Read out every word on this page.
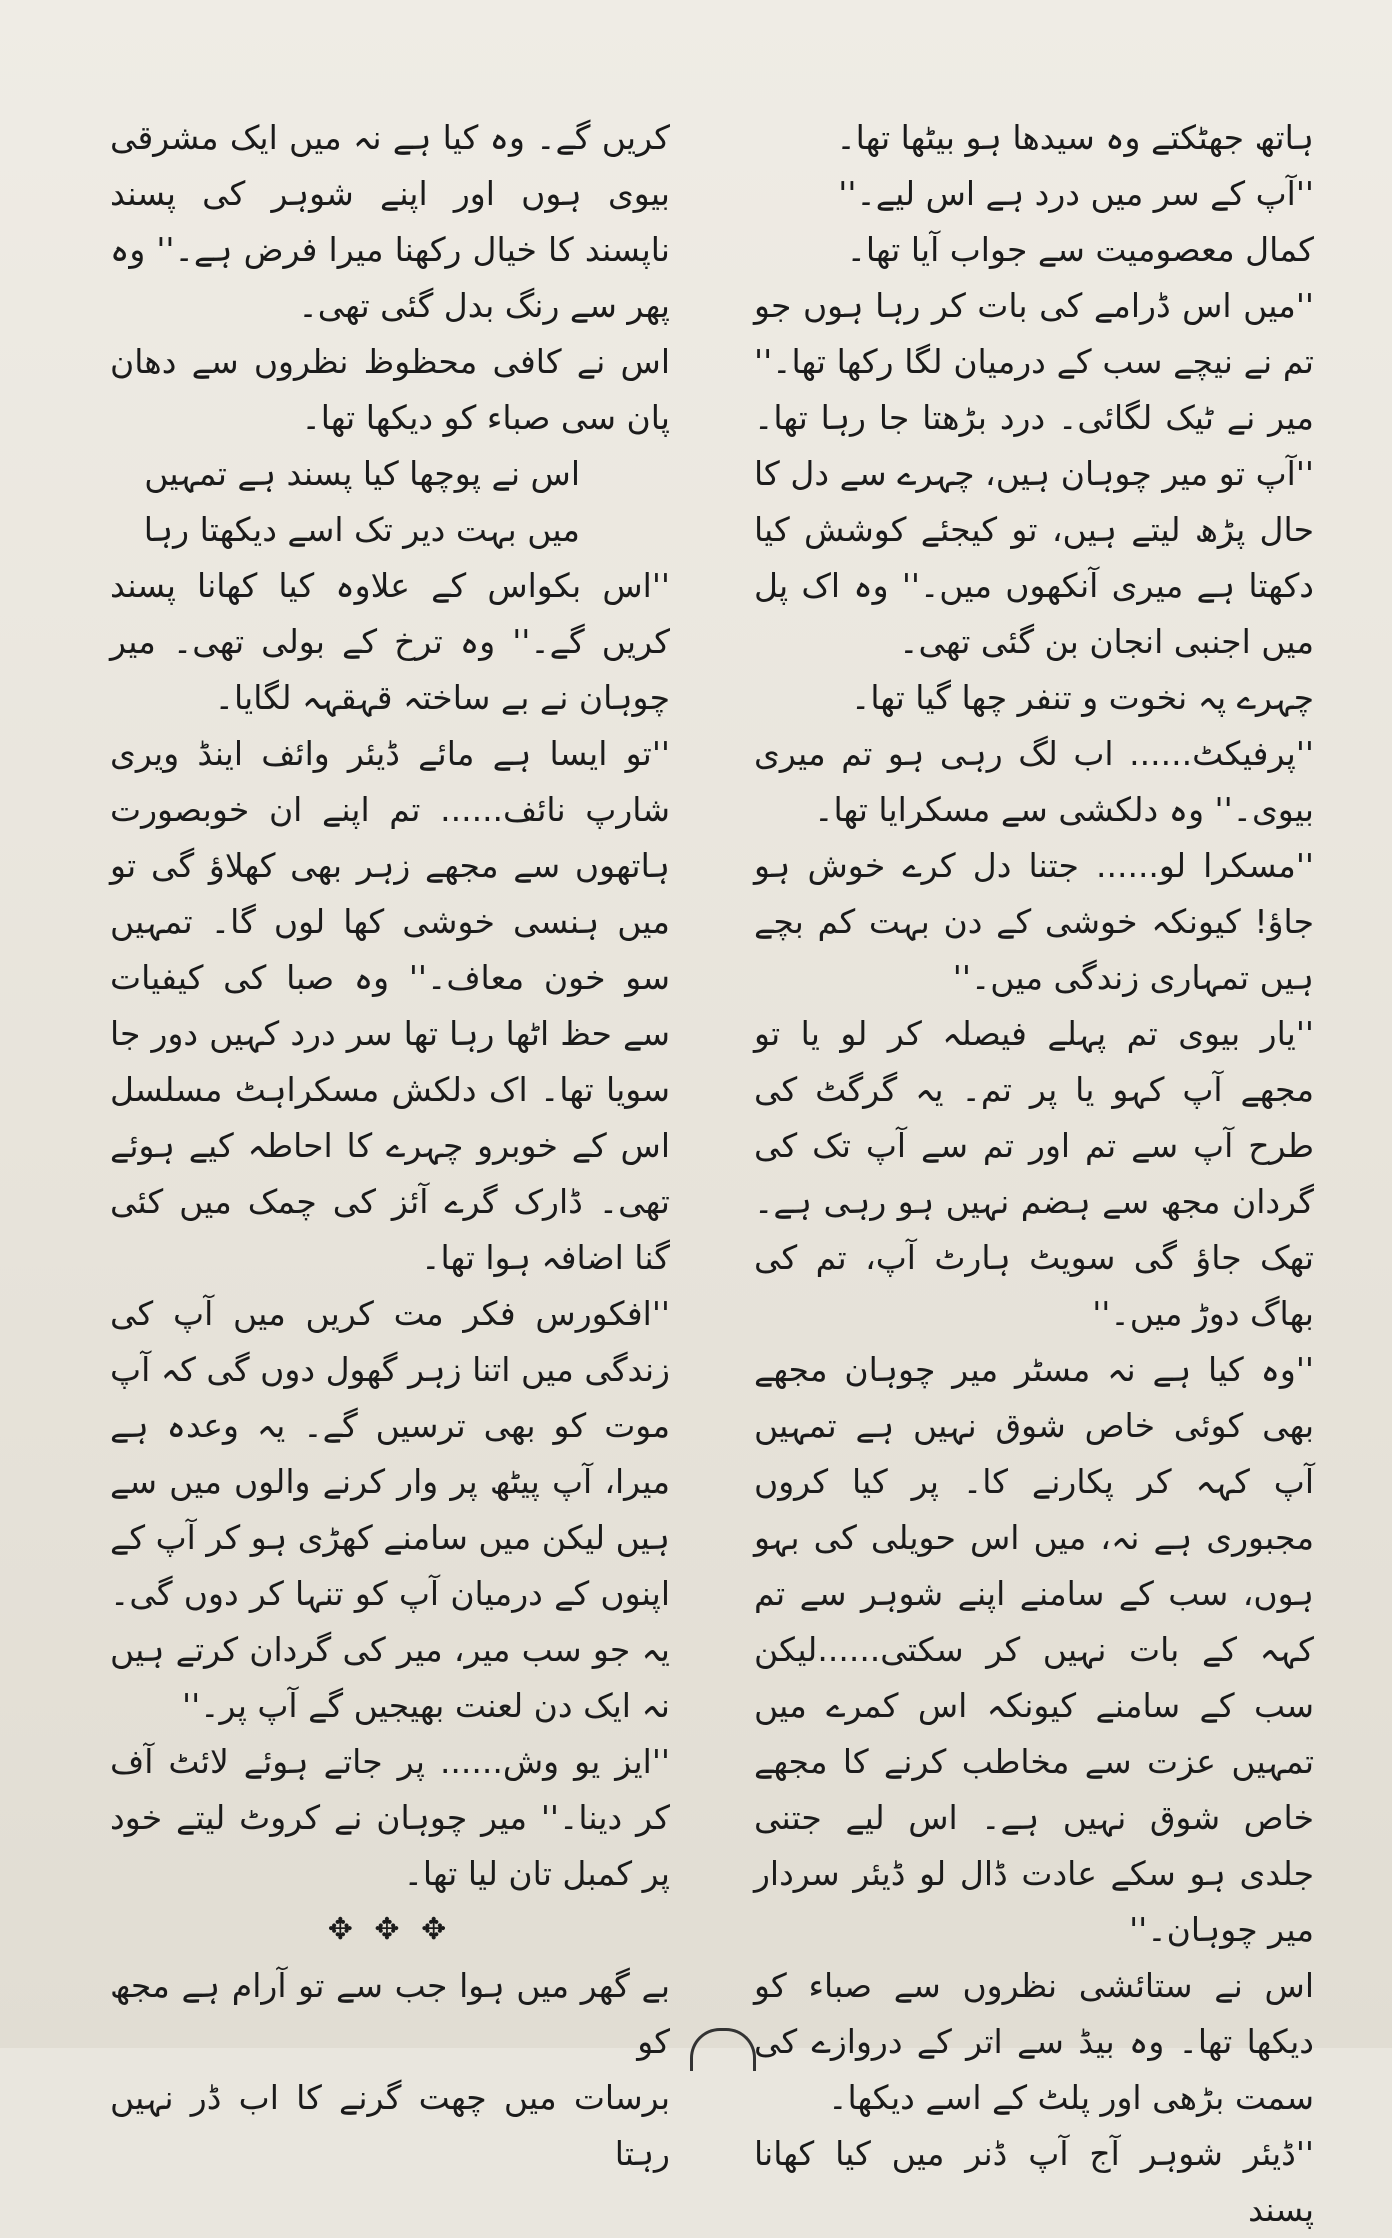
ہاتھ جھٹکتے وہ سیدھا ہو بیٹھا تھا۔

''آپ کے سر میں درد ہے اس لیے۔''

کمال معصومیت سے جواب آیا تھا۔

''میں اس ڈرامے کی بات کر رہا ہوں جو تم نے نیچے سب کے درمیان لگا رکھا تھا۔'' میر نے ٹیک لگائی۔ درد بڑھتا جا رہا تھا۔ ''آپ تو میر چوہان ہیں، چہرے سے دل کا حال پڑھ لیتے ہیں، تو کیجئے کوشش کیا دکھتا ہے میری آنکھوں میں۔'' وہ اک پل میں اجنبی انجان بن گئی تھی۔

چہرے پہ نخوت و تنفر چھا گیا تھا۔

''پرفیکٹ...... اب لگ رہی ہو تم میری بیوی۔'' وہ دلکشی سے مسکرایا تھا۔

''مسکرا لو...... جتنا دل کرے خوش ہو جاؤ! کیونکہ خوشی کے دن بہت کم بچے ہیں تمہاری زندگی میں۔''

''یار بیوی تم پہلے فیصلہ کر لو یا تو مجھے آپ کہو یا پر تم۔ یہ گرگٹ کی طرح آپ سے تم اور تم سے آپ تک کی گردان مجھ سے ہضم نہیں ہو رہی ہے۔ تھک جاؤ گی سویٹ ہارٹ آپ، تم کی بھاگ دوڑ میں۔''

''وہ کیا ہے نہ مسٹر میر چوہان مجھے بھی کوئی خاص شوق نہیں ہے تمہیں آپ کہہ کر پکارنے کا۔ پر کیا کروں مجبوری ہے نہ، میں اس حویلی کی بہو ہوں، سب کے سامنے اپنے شوہر سے تم کہہ کے بات نہیں کر سکتی......لیکن سب کے سامنے کیونکہ اس کمرے میں تمہیں عزت سے مخاطب کرنے کا مجھے خاص شوق نہیں ہے۔ اس لیے جتنی جلدی ہو سکے عادت ڈال لو ڈیئر سردار میر چوہان۔''

اس نے ستائشی نظروں سے صباء کو دیکھا تھا۔ وہ بیڈ سے اتر کے دروازے کی سمت بڑھی اور پلٹ کے اسے دیکھا۔

''ڈیئر شوہر آج آپ ڈنر میں کیا کھانا پسند

کریں گے۔ وہ کیا ہے نہ میں ایک مشرقی بیوی ہوں اور اپنے شوہر کی پسند ناپسند کا خیال رکھنا میرا فرض ہے۔'' وہ پھر سے رنگ بدل گئی تھی۔

اس نے کافی محظوظ نظروں سے دھان پان سی صباء کو دیکھا تھا۔

اس نے پوچھا کیا پسند ہے تمہیں

میں بہت دیر تک اسے دیکھتا رہا

''اس بکواس کے علاوہ کیا کھانا پسند کریں گے۔'' وہ ترخ کے بولی تھی۔ میر چوہان نے بے ساختہ قہقہہ لگایا۔

''تو ایسا ہے مائے ڈیئر وائف اینڈ ویری شارپ نائف...... تم اپنے ان خوبصورت ہاتھوں سے مجھے زہر بھی کھلاؤ گی تو میں ہنسی خوشی کھا لوں گا۔ تمہیں سو خون معاف۔'' وہ صبا کی کیفیات سے حظ اٹھا رہا تھا سر درد کہیں دور جا سویا تھا۔ اک دلکش مسکراہٹ مسلسل اس کے خوبرو چہرے کا احاطہ کیے ہوئے تھی۔ ڈارک گرے آئز کی چمک میں کئی گنا اضافہ ہوا تھا۔

''افکورس فکر مت کریں میں آپ کی زندگی میں اتنا زہر گھول دوں گی کہ آپ موت کو بھی ترسیں گے۔ یہ وعدہ ہے میرا، آپ پیٹھ پر وار کرنے والوں میں سے ہیں لیکن میں سامنے کھڑی ہو کر آپ کے اپنوں کے درمیان آپ کو تنہا کر دوں گی۔ یہ جو سب میر، میر کی گردان کرتے ہیں نہ ایک دن لعنت بھیجیں گے آپ پر۔''

''ایز یو وش...... پر جاتے ہوئے لائٹ آف کر دینا۔'' میر چوہان نے کروٹ لیتے خود پر کمبل تان لیا تھا۔

✥ ✥ ✥

بے گھر میں ہوا جب سے تو آرام ہے مجھ کو

برسات میں چھت گرنے کا اب ڈر نہیں رہتا
